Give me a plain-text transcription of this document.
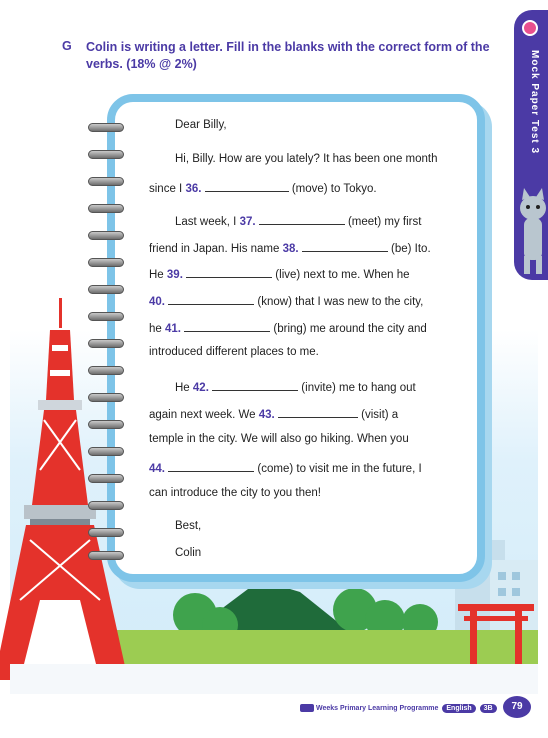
G Colin is writing a letter. Fill in the blanks with the correct form of the verbs. (18% @ 2%)	Mock Paper Test 3
Dear Billy,
Hi, Billy. How are you lately? It has been one month
since I 36.	(move) to Tokyo.
Last week, I 37.	(meet) my first
friend in Japan. His name 38.	(be) Ito.
He 39.	(live) next to me. When he
40.	(know) that I was new to the city,
he 41.	(bring) me around the city and
introduced different places to me.
He 42.	(invite) me to hang out
again next week. We 43.	(visit) a
temple in the city. We will also go hiking. When you
44.	(come) to visit me in the future, I
can introduce the city to you then!
Best,
Colin
Weeks Primary Learning Programme English 3B	79
